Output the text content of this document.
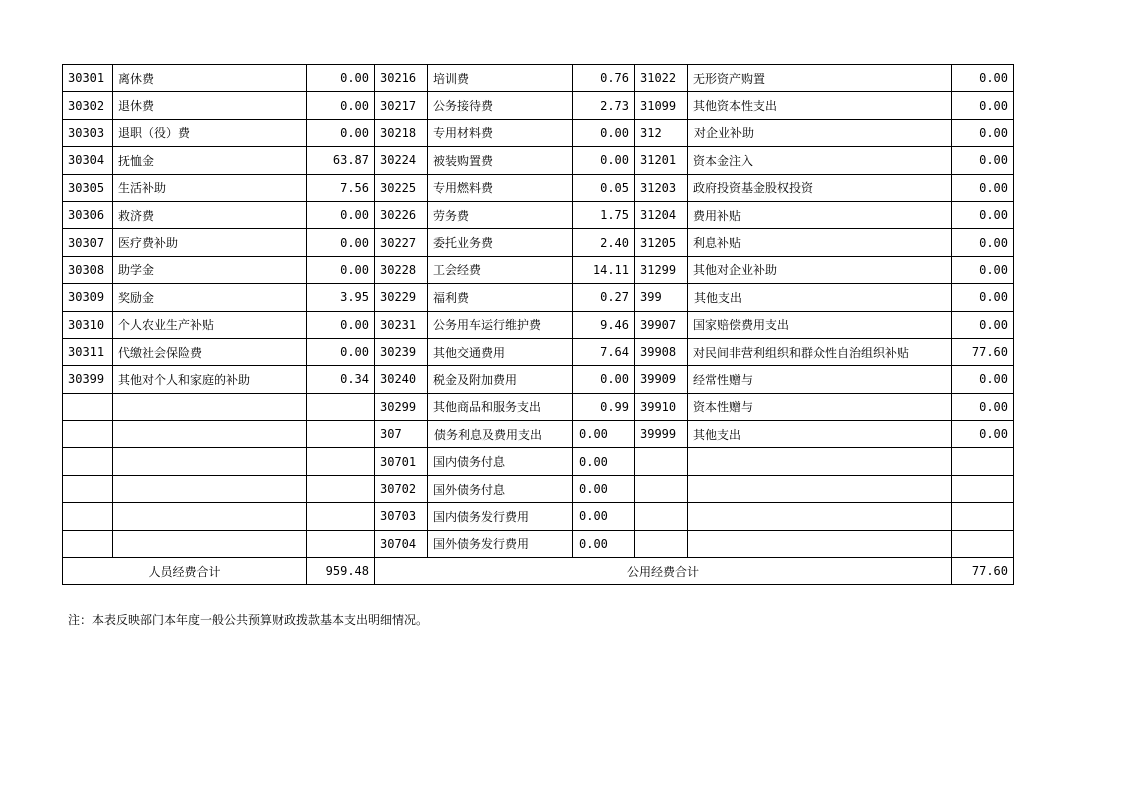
30301	离休费	0.00	30216	培训费	0.76	31022	无形资产购置	0.00
30302	退休费	0.00	30217	公务接待费	2.73	31099	其他资本性支出	0.00
30303	退职（役）费	0.00	30218	专用材料费	0.00	312	对企业补助	0.00
30304	抚恤金	63.87	30224	被装购置费	0.00	31201	资本金注入	0.00
30305	生活补助	7.56	30225	专用燃料费	0.05	31203	政府投资基金股权投资	0.00
30306	救济费	0.00	30226	劳务费	1.75	31204	费用补贴	0.00
30307	医疗费补助	0.00	30227	委托业务费	2.40	31205	利息补贴	0.00
30308	助学金	0.00	30228	工会经费	14.11	31299	其他对企业补助	0.00
30309	奖励金	3.95	30229	福利费	0.27	399	其他支出	0.00
30310	个人农业生产补贴	0.00	30231	公务用车运行维护费	9.46	39907	国家赔偿费用支出	0.00
30311	代缴社会保险费	0.00	30239	其他交通费用	7.64	39908	对民间非营利组织和群众性自治组织补贴	77.60
30399	其他对个人和家庭的补助	0.34	30240	税金及附加费用	0.00	39909	经常性赠与	0.00
			30299	其他商品和服务支出	0.99	39910	资本性赠与	0.00
			307	债务利息及费用支出	0.00	39999	其他支出	0.00
			30701	国内债务付息	0.00			
			30702	国外债务付息	0.00			
			30703	国内债务发行费用	0.00			
			30704	国外债务发行费用	0.00			
人员经费合计		959.48	公用经费合计					77.60
注：本表反映部门本年度一般公共预算财政拨款基本支出明细情况。
